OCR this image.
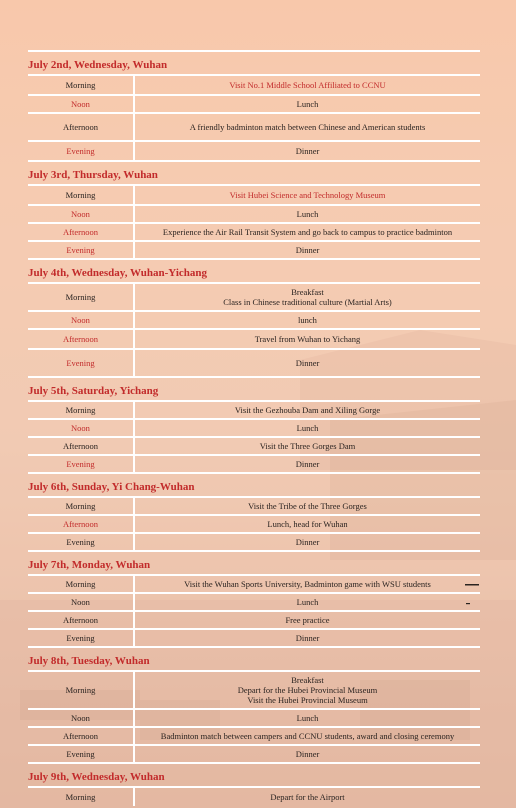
July 2nd, Wednesday, Wuhan
Morning	Visit No.1 Middle School Affiliated to CCNU
Noon	Lunch
Afternoon	A friendly badminton match between Chinese and American students
Evening	Dinner
July 3rd, Thursday, Wuhan
Morning	Visit Hubei Science and Technology Museum
Noon	Lunch
Afternoon	Experience the Air Rail Transit System and go back to campus to practice badminton
Evening	Dinner
July 4th, Wednesday, Wuhan-Yichang
Morning	Breakfast
Class in Chinese traditional culture (Martial Arts)
Noon	lunch
Afternoon	Travel from Wuhan to Yichang
Evening	Dinner
July 5th, Saturday, Yichang
Morning	Visit the Gezhouba Dam and Xiling Gorge
Noon	Lunch
Afternoon	Visit the Three Gorges Dam
Evening	Dinner
July 6th, Sunday, Yi Chang-Wuhan
Morning	Visit the Tribe of the Three Gorges
Afternoon	Lunch, head for Wuhan
Evening	Dinner
July 7th, Monday, Wuhan
Morning	Visit the Wuhan Sports University, Badminton game with WSU students
Noon	Lunch
Afternoon	Free practice
Evening	Dinner
July 8th, Tuesday, Wuhan
Morning
Breakfast
Depart for the Hubei Provincial Museum
Visit the Hubei Provincial Museum
Noon	Lunch
Afternoon	Badminton match between campers and CCNU students, award and closing ceremony
Evening	Dinner
July 9th, Wednesday, Wuhan
Morning	Depart for the Airport
